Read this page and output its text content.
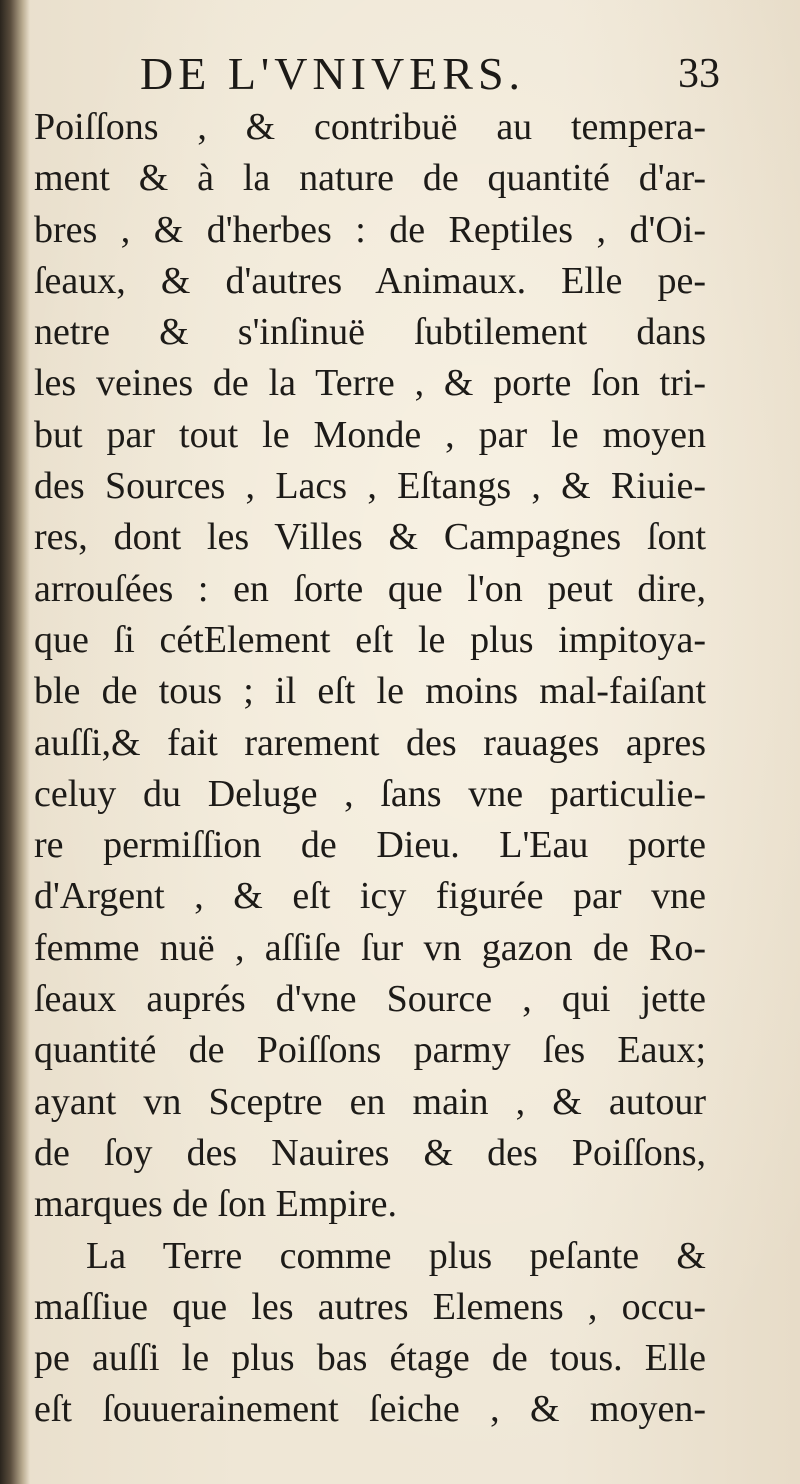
DE L'VNIVERS.	33
Poiſſons , & contribuë au tempera-
ment & à la nature de quantité d'ar-
bres , & d'herbes : de Reptiles , d'Oi-
ſeaux, & d'autres Animaux. Elle pe-
netre & s'inſinuë ſubtilement dans
les veines de la Terre , & porte ſon tri-
but par tout le Monde , par le moyen
des Sources , Lacs , Eſtangs , & Riuie-
res, dont les Villes & Campagnes ſont
arrouſées : en ſorte que l'on peut dire,
que ſi cétElement eſt le plus impitoya-
ble de tous ; il eſt le moins mal-faiſant
auſſi,& fait rarement des rauages apres
celuy du Deluge , ſans vne particulie-
re permiſſion de Dieu. L'Eau porte
d'Argent , & eſt icy figurée par vne
femme nuë , aſſiſe ſur vn gazon de Ro-
ſeaux auprés d'vne Source , qui jette
quantité de Poiſſons parmy ſes Eaux;
ayant vn Sceptre en main , & autour
de ſoy des Nauires & des Poiſſons,
marques de ſon Empire.
La Terre comme plus peſante &
maſſiue que les autres Elemens , occu-
pe auſſi le plus bas étage de tous. Elle
eſt ſouuerainement ſeiche , & moyen-
